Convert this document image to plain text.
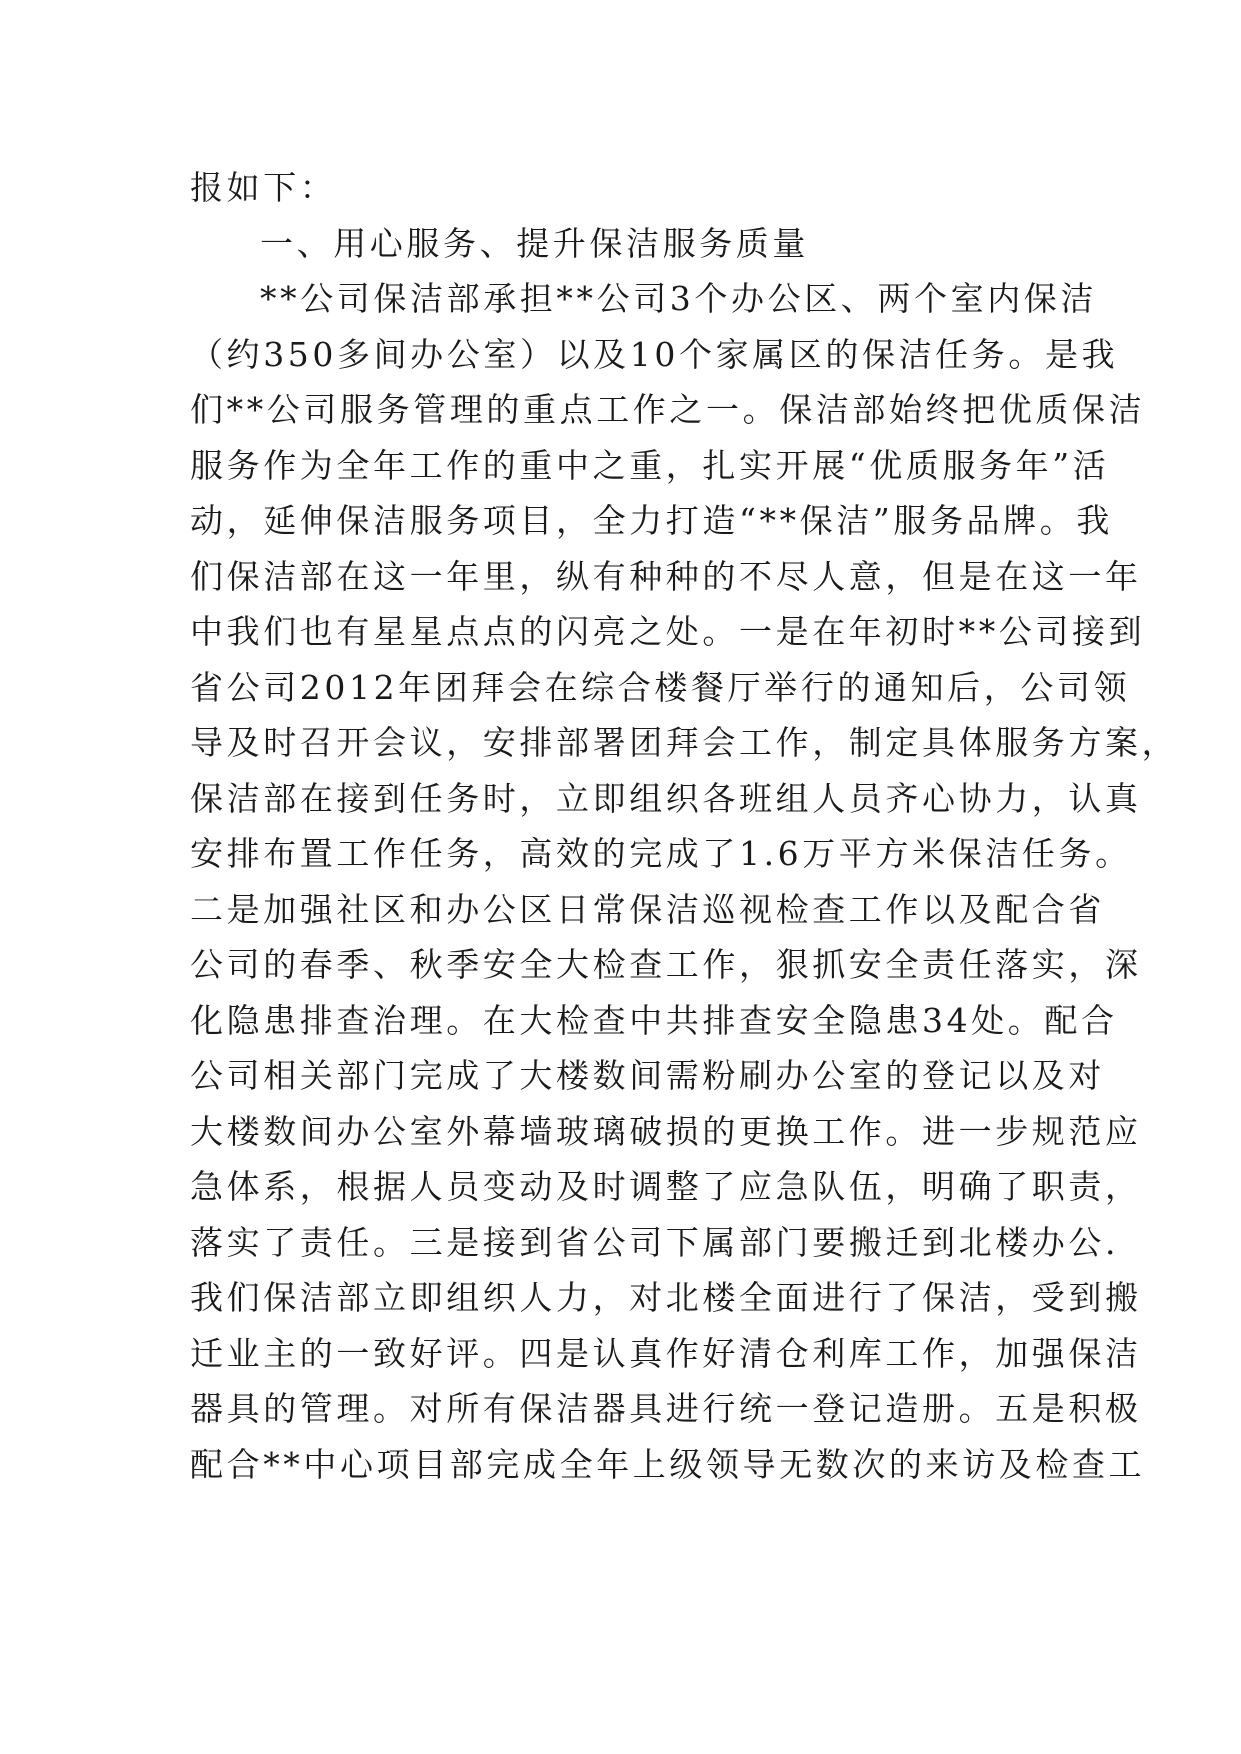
报如下：
一、用心服务、提升保洁服务质量
**公司保洁部承担**公司3个办公区、两个室内保洁
（约350多间办公室）以及10个家属区的保洁任务。是我
们**公司服务管理的重点工作之一。保洁部始终把优质保洁
服务作为全年工作的重中之重，扎实开展“优质服务年”活
动，延伸保洁服务项目，全力打造“**保洁”服务品牌。我
们保洁部在这一年里，纵有种种的不尽人意，但是在这一年
中我们也有星星点点的闪亮之处。一是在年初时**公司接到
省公司2012年团拜会在综合楼餐厅举行的通知后，公司领
导及时召开会议，安排部署团拜会工作，制定具体服务方案，
保洁部在接到任务时，立即组织各班组人员齐心协力，认真
安排布置工作任务，高效的完成了1.6万平方米保洁任务。
二是加强社区和办公区日常保洁巡视检查工作以及配合省
公司的春季、秋季安全大检查工作，狠抓安全责任落实，深
化隐患排查治理。在大检查中共排查安全隐患34处。配合
公司相关部门完成了大楼数间需粉刷办公室的登记以及对
大楼数间办公室外幕墙玻璃破损的更换工作。进一步规范应
急体系，根据人员变动及时调整了应急队伍，明确了职责，
落实了责任。三是接到省公司下属部门要搬迁到北楼办公.
我们保洁部立即组织人力，对北楼全面进行了保洁，受到搬
迁业主的一致好评。四是认真作好清仓利库工作，加强保洁
器具的管理。对所有保洁器具进行统一登记造册。五是积极
配合**中心项目部完成全年上级领导无数次的来访及检查工
